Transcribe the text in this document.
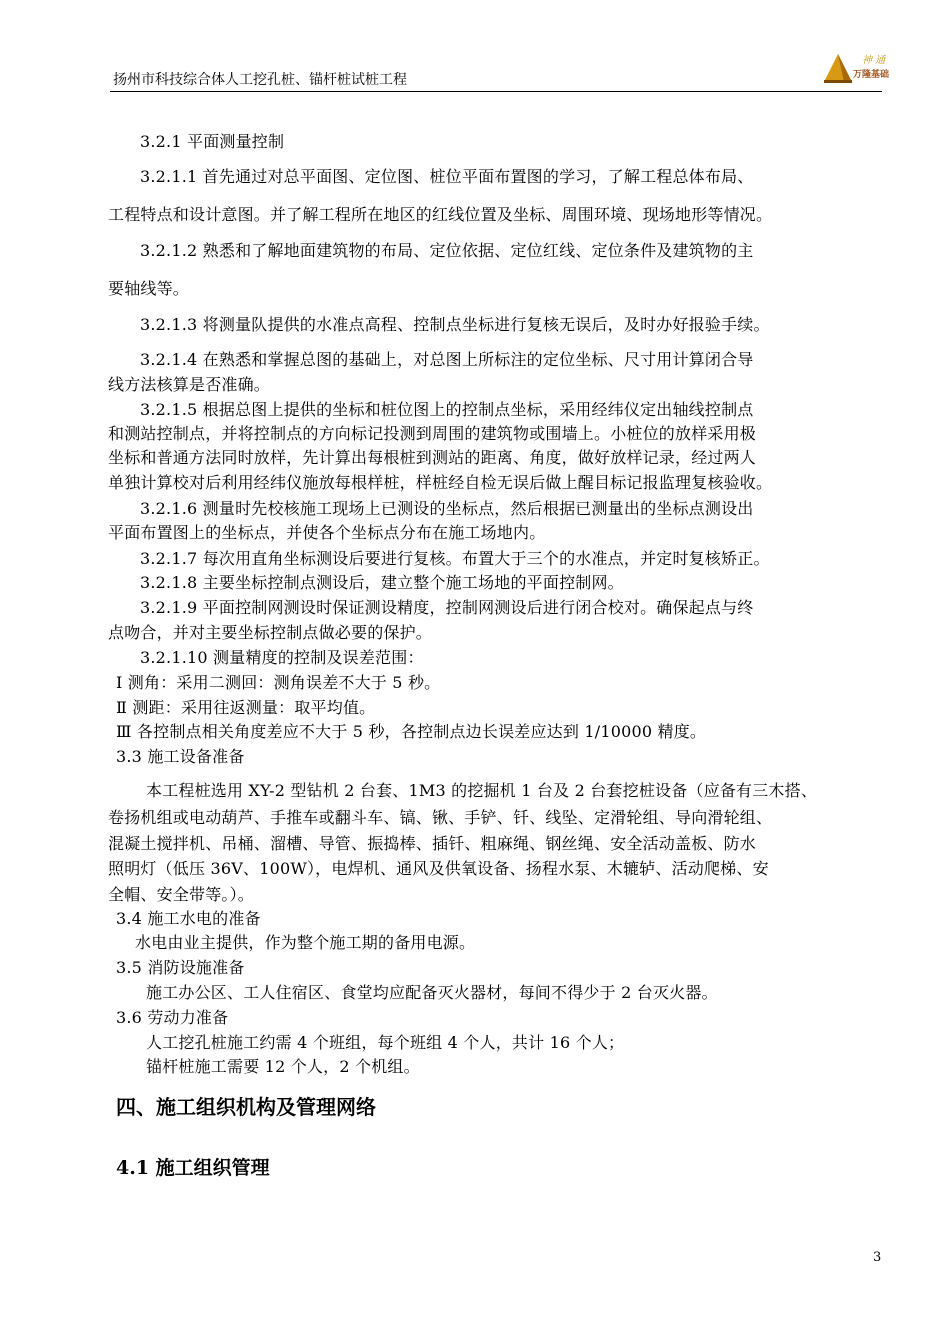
扬州市科技综合体人工挖孔桩、锚杆桩试桩工程
神 通
万隆基础
3.2.1 平面测量控制
3.2.1.1 首先通过对总平面图、定位图、桩位平面布置图的学习，了解工程总体布局、
工程特点和设计意图。并了解工程所在地区的红线位置及坐标、周围环境、现场地形等情况。
3.2.1.2 熟悉和了解地面建筑物的布局、定位依据、定位红线、定位条件及建筑物的主
要轴线等。
3.2.1.3 将测量队提供的水准点高程、控制点坐标进行复核无误后，及时办好报验手续。
3.2.1.4 在熟悉和掌握总图的基础上，对总图上所标注的定位坐标、尺寸用计算闭合导
线方法核算是否准确。
3.2.1.5 根据总图上提供的坐标和桩位图上的控制点坐标，采用经纬仪定出轴线控制点
和测站控制点，并将控制点的方向标记投测到周围的建筑物或围墙上。小桩位的放样采用极
坐标和普通方法同时放样，先计算出每根桩到测站的距离、角度，做好放样记录，经过两人
单独计算校对后利用经纬仪施放每根样桩，样桩经自检无误后做上醒目标记报监理复核验收。
3.2.1.6 测量时先校核施工现场上已测设的坐标点，然后根据已测量出的坐标点测设出
平面布置图上的坐标点，并使各个坐标点分布在施工场地内。
3.2.1.7 每次用直角坐标测设后要进行复核。布置大于三个的水准点，并定时复核矫正。
3.2.1.8 主要坐标控制点测设后，建立整个施工场地的平面控制网。
3.2.1.9 平面控制网测设时保证测设精度，控制网测设后进行闭合校对。确保起点与终
点吻合，并对主要坐标控制点做必要的保护。
3.2.1.10 测量精度的控制及误差范围：
Ⅰ 测角：采用二测回：测角误差不大于 5 秒。
Ⅱ 测距：采用往返测量：取平均值。
Ⅲ 各控制点相关角度差应不大于 5 秒，各控制点边长误差应达到 1/10000 精度。
3.3 施工设备准备
本工程桩选用 XY-2 型钻机 2 台套、1M3 的挖掘机 1 台及 2 台套挖桩设备（应备有三木搭、
卷扬机组或电动葫芦、手推车或翻斗车、镐、锹、手铲、钎、线坠、定滑轮组、导向滑轮组、
混凝土搅拌机、吊桶、溜槽、导管、振捣棒、插钎、粗麻绳、钢丝绳、安全活动盖板、防水
照明灯（低压 36V、100W），电焊机、通风及供氧设备、扬程水泵、木辘轳、活动爬梯、安
全帽、安全带等。）。
3.4 施工水电的准备
水电由业主提供，作为整个施工期的备用电源。
3.5 消防设施准备
施工办公区、工人住宿区、食堂均应配备灭火器材，每间不得少于 2 台灭火器。
3.6 劳动力准备
人工挖孔桩施工约需 4 个班组，每个班组 4 个人，共计 16 个人；
锚杆桩施工需要 12 个人，2 个机组。
四、施工组织机构及管理网络
4.1 施工组织管理
3
